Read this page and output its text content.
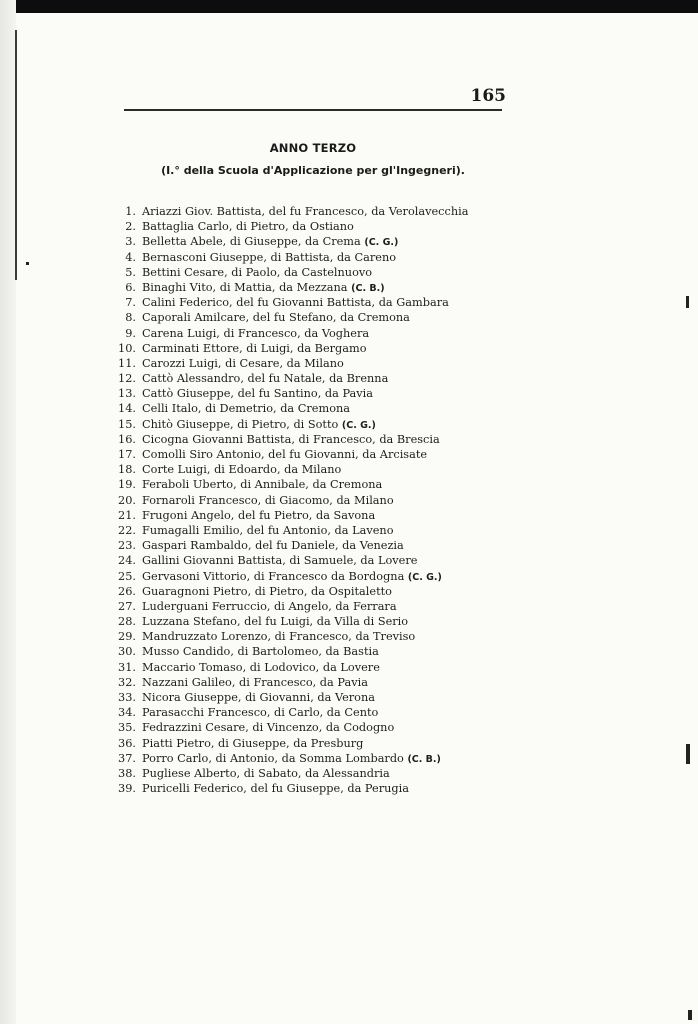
165
ANNO TERZO
(I.° della Scuola d'Applicazione per gl'Ingegneri).
1. Ariazzi Giov. Battista, del fu Francesco, da Verolavecchia
2. Battaglia Carlo, di Pietro, da Ostiano
3. Belletta Abele, di Giuseppe, da Crema (C. G.)
4. Bernasconi Giuseppe, di Battista, da Careno
5. Bettini Cesare, di Paolo, da Castelnuovo
6. Binaghi Vito, di Mattia, da Mezzana (C. B.)
7. Calini Federico, del fu Giovanni Battista, da Gambara
8. Caporali Amilcare, del fu Stefano, da Cremona
9. Carena Luigi, di Francesco, da Voghera
10. Carminati Ettore, di Luigi, da Bergamo
11. Carozzi Luigi, di Cesare, da Milano
12. Cattò Alessandro, del fu Natale, da Brenna
13. Cattò Giuseppe, del fu Santino, da Pavia
14. Celli Italo, di Demetrio, da Cremona
15. Chitò Giuseppe, di Pietro, di Sotto (C. G.)
16. Cicogna Giovanni Battista, di Francesco, da Brescia
17. Comolli Siro Antonio, del fu Giovanni, da Arcisate
18. Corte Luigi, di Edoardo, da Milano
19. Feraboli Uberto, di Annibale, da Cremona
20. Fornaroli Francesco, di Giacomo, da Milano
21. Frugoni Angelo, del fu Pietro, da Savona
22. Fumagalli Emilio, del fu Antonio, da Laveno
23. Gaspari Rambaldo, del fu Daniele, da Venezia
24. Gallini Giovanni Battista, di Samuele, da Lovere
25. Gervasoni Vittorio, di Francesco da Bordogna (C. G.)
26. Guaragnoni Pietro, di Pietro, da Ospitaletto
27. Luderguani Ferruccio, di Angelo, da Ferrara
28. Luzzana Stefano, del fu Luigi, da Villa di Serio
29. Mandruzzato Lorenzo, di Francesco, da Treviso
30. Musso Candido, di Bartolomeo, da Bastia
31. Maccario Tomaso, di Lodovico, da Lovere
32. Nazzani Galileo, di Francesco, da Pavia
33. Nicora Giuseppe, di Giovanni, da Verona
34. Parasacchi Francesco, di Carlo, da Cento
35. Fedrazzini Cesare, di Vincenzo, da Codogno
36. Piatti Pietro, di Giuseppe, da Presburg
37. Porro Carlo, di Antonio, da Somma Lombardo (C. B.)
38. Pugliese Alberto, di Sabato, da Alessandria
39. Puricelli Federico, del fu Giuseppe, da Perugia
